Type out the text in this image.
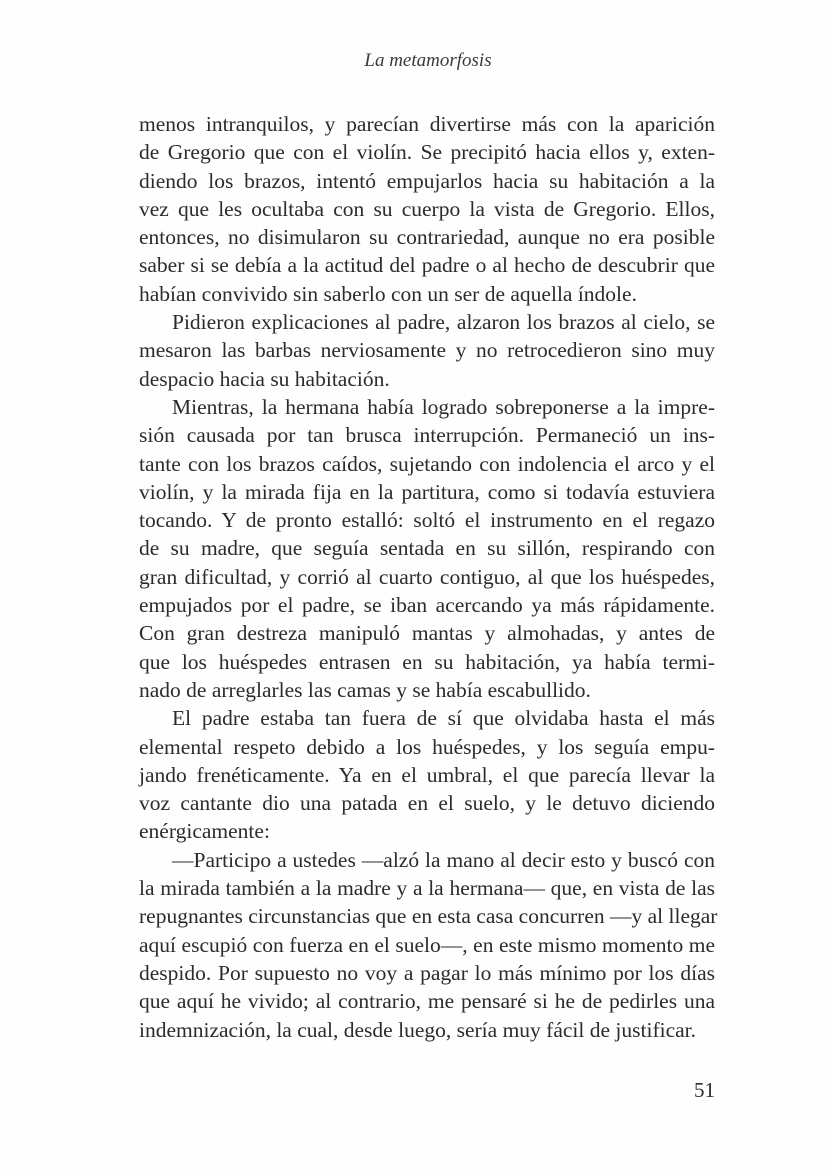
La metamorfosis
menos intranquilos, y parecían divertirse más con la aparición
de Gregorio que con el violín. Se precipitó hacia ellos y, exten-
diendo los brazos, intentó empujarlos hacia su habitación a la
vez que les ocultaba con su cuerpo la vista de Gregorio. Ellos,
entonces, no disimularon su contrariedad, aunque no era posible
saber si se debía a la actitud del padre o al hecho de descubrir que
habían convivido sin saberlo con un ser de aquella índole.
Pidieron explicaciones al padre, alzaron los brazos al cielo, se
mesaron las barbas nerviosamente y no retrocedieron sino muy
despacio hacia su habitación.
Mientras, la hermana había logrado sobreponerse a la impre-
sión causada por tan brusca interrupción. Permaneció un ins-
tante con los brazos caídos, sujetando con indolencia el arco y el
violín, y la mirada fija en la partitura, como si todavía estuviera
tocando. Y de pronto estalló: soltó el instrumento en el regazo
de su madre, que seguía sentada en su sillón, respirando con
gran dificultad, y corrió al cuarto contiguo, al que los huéspedes,
empujados por el padre, se iban acercando ya más rápidamente.
Con gran destreza manipuló mantas y almohadas, y antes de
que los huéspedes entrasen en su habitación, ya había termi-
nado de arreglarles las camas y se había escabullido.
El padre estaba tan fuera de sí que olvidaba hasta el más
elemental respeto debido a los huéspedes, y los seguía empu-
jando frenéticamente. Ya en el umbral, el que parecía llevar la
voz cantante dio una patada en el suelo, y le detuvo diciendo
enérgicamente:
—Participo a ustedes —alzó la mano al decir esto y buscó con
la mirada también a la madre y a la hermana— que, en vista de las
repugnantes circunstancias que en esta casa concurren —y al llegar
aquí escupió con fuerza en el suelo—, en este mismo momento me
despido. Por supuesto no voy a pagar lo más mínimo por los días
que aquí he vivido; al contrario, me pensaré si he de pedirles una
indemnización, la cual, desde luego, sería muy fácil de justificar.
51
